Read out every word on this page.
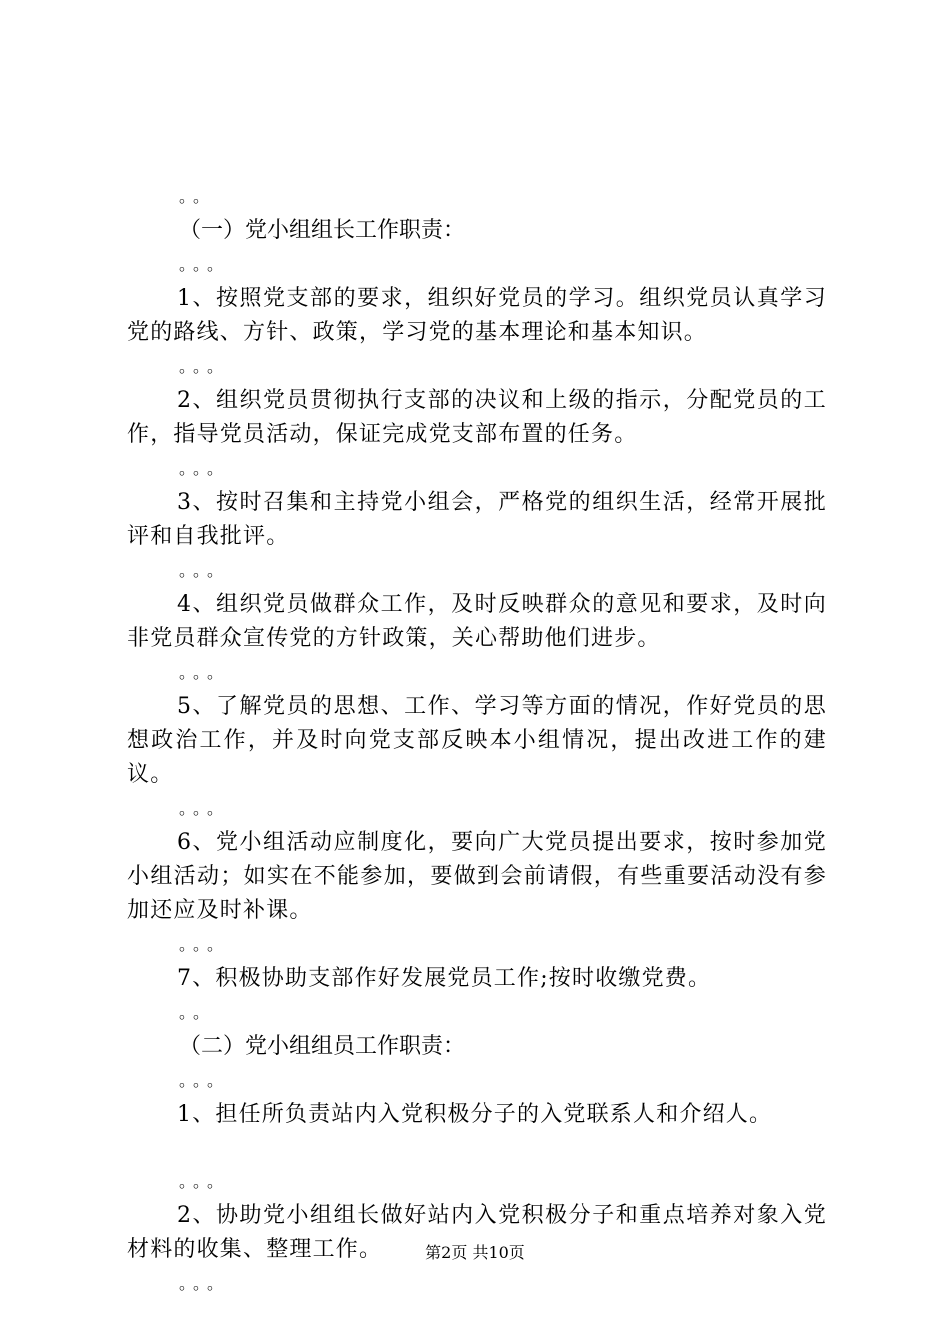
。。
（一）党小组组长工作职责：
。。。
1、按照党支部的要求，组织好党员的学习。组织党员认真学习党的路线、方针、政策，学习党的基本理论和基本知识。
。。。
2、组织党员贯彻执行支部的决议和上级的指示，分配党员的工作，指导党员活动，保证完成党支部布置的任务。
。。。
3、按时召集和主持党小组会，严格党的组织生活，经常开展批评和自我批评。
。。。
4、组织党员做群众工作，及时反映群众的意见和要求，及时向非党员群众宣传党的方针政策，关心帮助他们进步。
。。。
5、了解党员的思想、工作、学习等方面的情况，作好党员的思想政治工作，并及时向党支部反映本小组情况，提出改进工作的建议。
。。。
6、党小组活动应制度化，要向广大党员提出要求，按时参加党小组活动；如实在不能参加，要做到会前请假，有些重要活动没有参加还应及时补课。
。。。
7、积极协助支部作好发展党员工作;按时收缴党费。
。。
（二）党小组组员工作职责：
。。。
1、担任所负责站内入党积极分子的入党联系人和介绍人。
。。。
2、协助党小组组长做好站内入党积极分子和重点培养对象入党材料的收集、整理工作。
。。。
第2页 共10页
